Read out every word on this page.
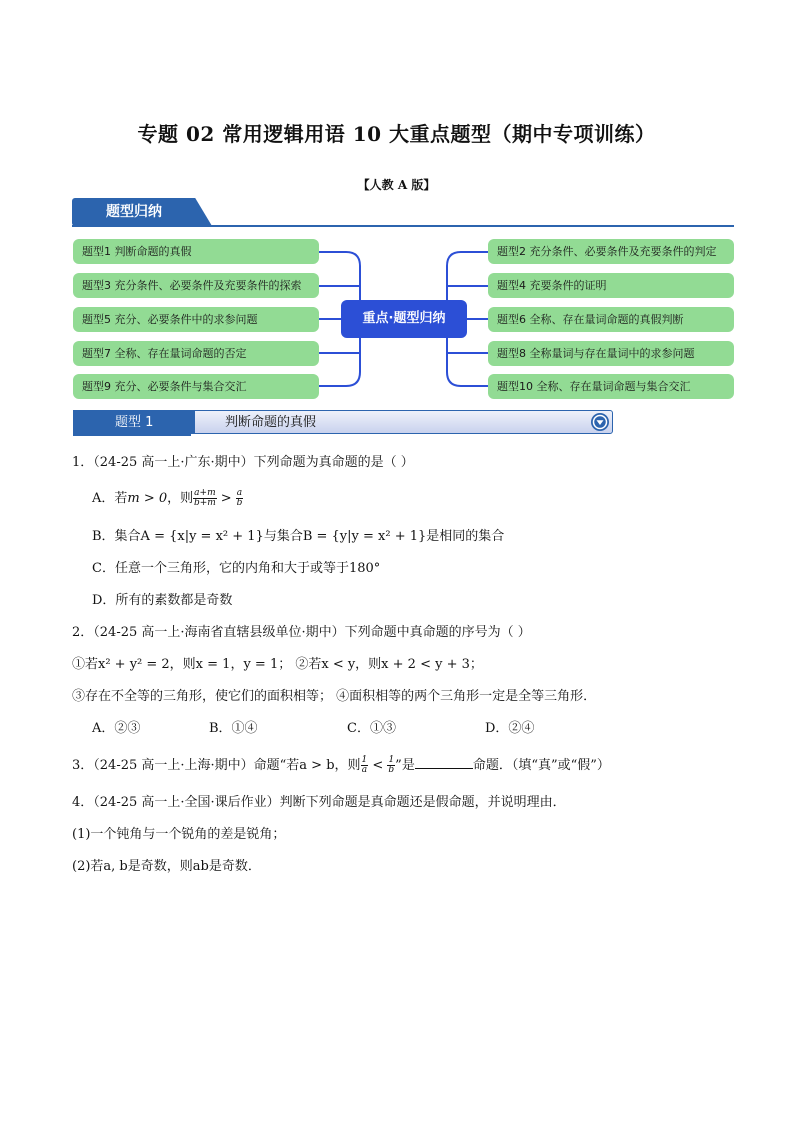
专题 02 常用逻辑用语 10 大重点题型（期中专项训练）
【人教 A 版】
题型归纳
题型1 判断命题的真假
题型3 充分条件、必要条件及充要条件的探索
题型5 充分、必要条件中的求参问题
题型7 全称、存在量词命题的否定
题型9 充分、必要条件与集合交汇
题型2 充分条件、必要条件及充要条件的判定
题型4 充要条件的证明
题型6 全称、存在量词命题的真假判断
题型8 全称量词与存在量词中的求参问题
题型10 全称、存在量词命题与集合交汇
重点·题型归纳
题型 1	判断命题的真假
1．（24-25 高一上·广东·期中）下列命题为真命题的是（ ）
A．若m > 0，则 $\frac{a+m}{b+m} > \frac{a}{b}$
B．集合A = {x|y = x² + 1}与集合B = {y|y = x² + 1}是相同的集合
C．任意一个三角形，它的内角和大于或等于180°
D．所有的素数都是奇数
2．（24-25 高一上·海南省直辖县级单位·期中）下列命题中真命题的序号为（ ）
①若x² + y² = 2，则x = 1，y = 1； ②若x < y，则x + 2 < y + 3；
③存在不全等的三角形，使它们的面积相等； ④面积相等的两个三角形一定是全等三角形．
A．②③	B．①④	C．①③	D．②④
3．（24-25 高一上·上海·期中）命题“若a > b，则 $\frac{1}{a} < \frac{1}{b}$ ”是	命题．（填“真”或“假”）
4．（24-25 高一上·全国·课后作业）判断下列命题是真命题还是假命题，并说明理由．
(1)一个钝角与一个锐角的差是锐角；
(2)若a, b是奇数，则ab是奇数．
